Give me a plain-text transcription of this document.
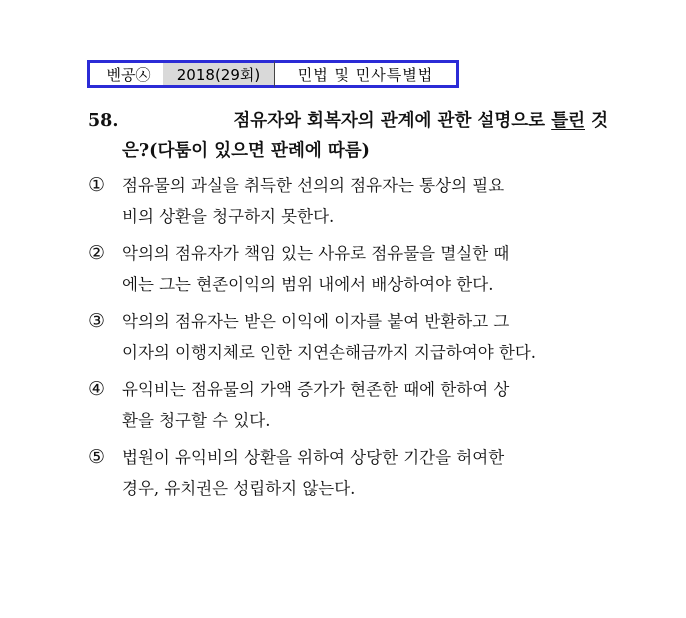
벤공㉦	2018(29회)	민법 및 민사특별법
58.	점유자와 회복자의 관계에 관한 설명으로 틀린 것
은?(다툼이 있으면 판례에 따름)
①	점유물의 과실을 취득한 선의의 점유자는 통상의 필요
비의 상환을 청구하지 못한다.
②	악의의 점유자가 책임 있는 사유로 점유물을 멸실한 때
에는 그는 현존이익의 범위 내에서 배상하여야 한다.
③	악의의 점유자는 받은 이익에 이자를 붙여 반환하고 그
이자의 이행지체로 인한 지연손해금까지 지급하여야 한다.
④	유익비는 점유물의 가액 증가가 현존한 때에 한하여 상
환을 청구할 수 있다.
⑤	법원이 유익비의 상환을 위하여 상당한 기간을 허여한
경우, 유치권은 성립하지 않는다.
